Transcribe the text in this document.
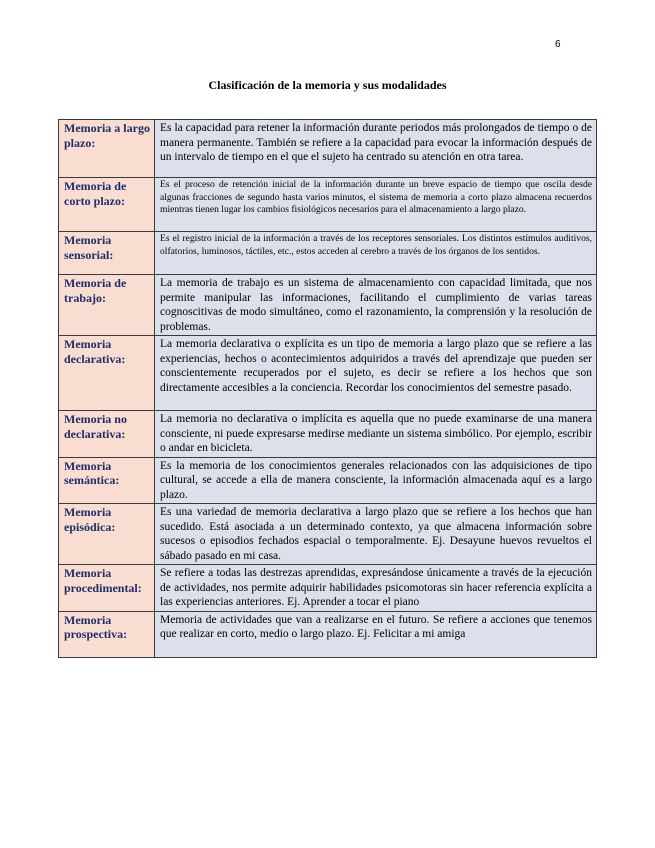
6
Clasificación de la memoria y sus modalidades
Memoria a largo plazo:	Es la capacidad para retener la información durante periodos más prolongados de tiempo o de manera permanente. También se refiere a la capacidad para evocar la información después de un intervalo de tiempo en el que el sujeto ha centrado su atención en otra tarea.
Memoria de corto plazo:	Es el proceso de retención inicial de la información durante un breve espacio de tiempo que oscila desde algunas fracciones de segundo hasta varios minutos, el sistema de memoria a corto plazo almacena recuerdos mientras tienen lugar los cambios fisiológicos necesarios para el almacenamiento a largo plazo.
Memoria sensorial:	Es el registro inicial de la información a través de los receptores sensoriales. Los distintos estímulos auditivos, olfatorios, luminosos, táctiles, etc., estos acceden al cerebro a través de los órganos de los sentidos.
Memoria de trabajo:	La memoria de trabajo es un sistema de almacenamiento con capacidad limitada, que nos permite manipular las informaciones, facilitando el cumplimiento de varias tareas cognoscitivas de modo simultáneo, como el razonamiento, la comprensión y la resolución de problemas.
Memoria declarativa:	La memoria declarativa o explícita es un tipo de memoria a largo plazo que se refiere a las experiencias, hechos o acontecimientos adquiridos a través del aprendizaje que pueden ser conscientemente recuperados por el sujeto, es decir se refiere a los hechos que son directamente accesibles a la conciencia. Recordar los conocimientos del semestre pasado.
Memoria no declarativa:	La memoria no declarativa o implícita es aquella que no puede examinarse de una manera consciente, ni puede expresarse medirse mediante un sistema simbólico. Por ejemplo, escribir o andar en bicicleta.
Memoria semántica:	Es la memoria de los conocimientos generales relacionados con las adquisiciones de tipo cultural, se accede a ella de manera consciente, la información almacenada aquí es a largo plazo.
Memoria episódica:	Es una variedad de memoria declarativa a largo plazo que se refiere a los hechos que han sucedido. Está asociada a un determinado contexto, ya que almacena información sobre sucesos o episodios fechados espacial o temporalmente. Ej. Desayune huevos revueltos el sábado pasado en mi casa.
Memoria procedimental:	Se refiere a todas las destrezas aprendidas, expresándose únicamente a través de la ejecución de actividades, nos permite adquirir habilidades psicomotoras sin hacer referencia explícita a las experiencias anteriores. Ej. Aprender a tocar el piano
Memoria prospectiva:	Memoria de actividades que van a realizarse en el futuro. Se refiere a acciones que tenemos que realizar en corto, medio o largo plazo. Ej. Felicitar a mi amiga
